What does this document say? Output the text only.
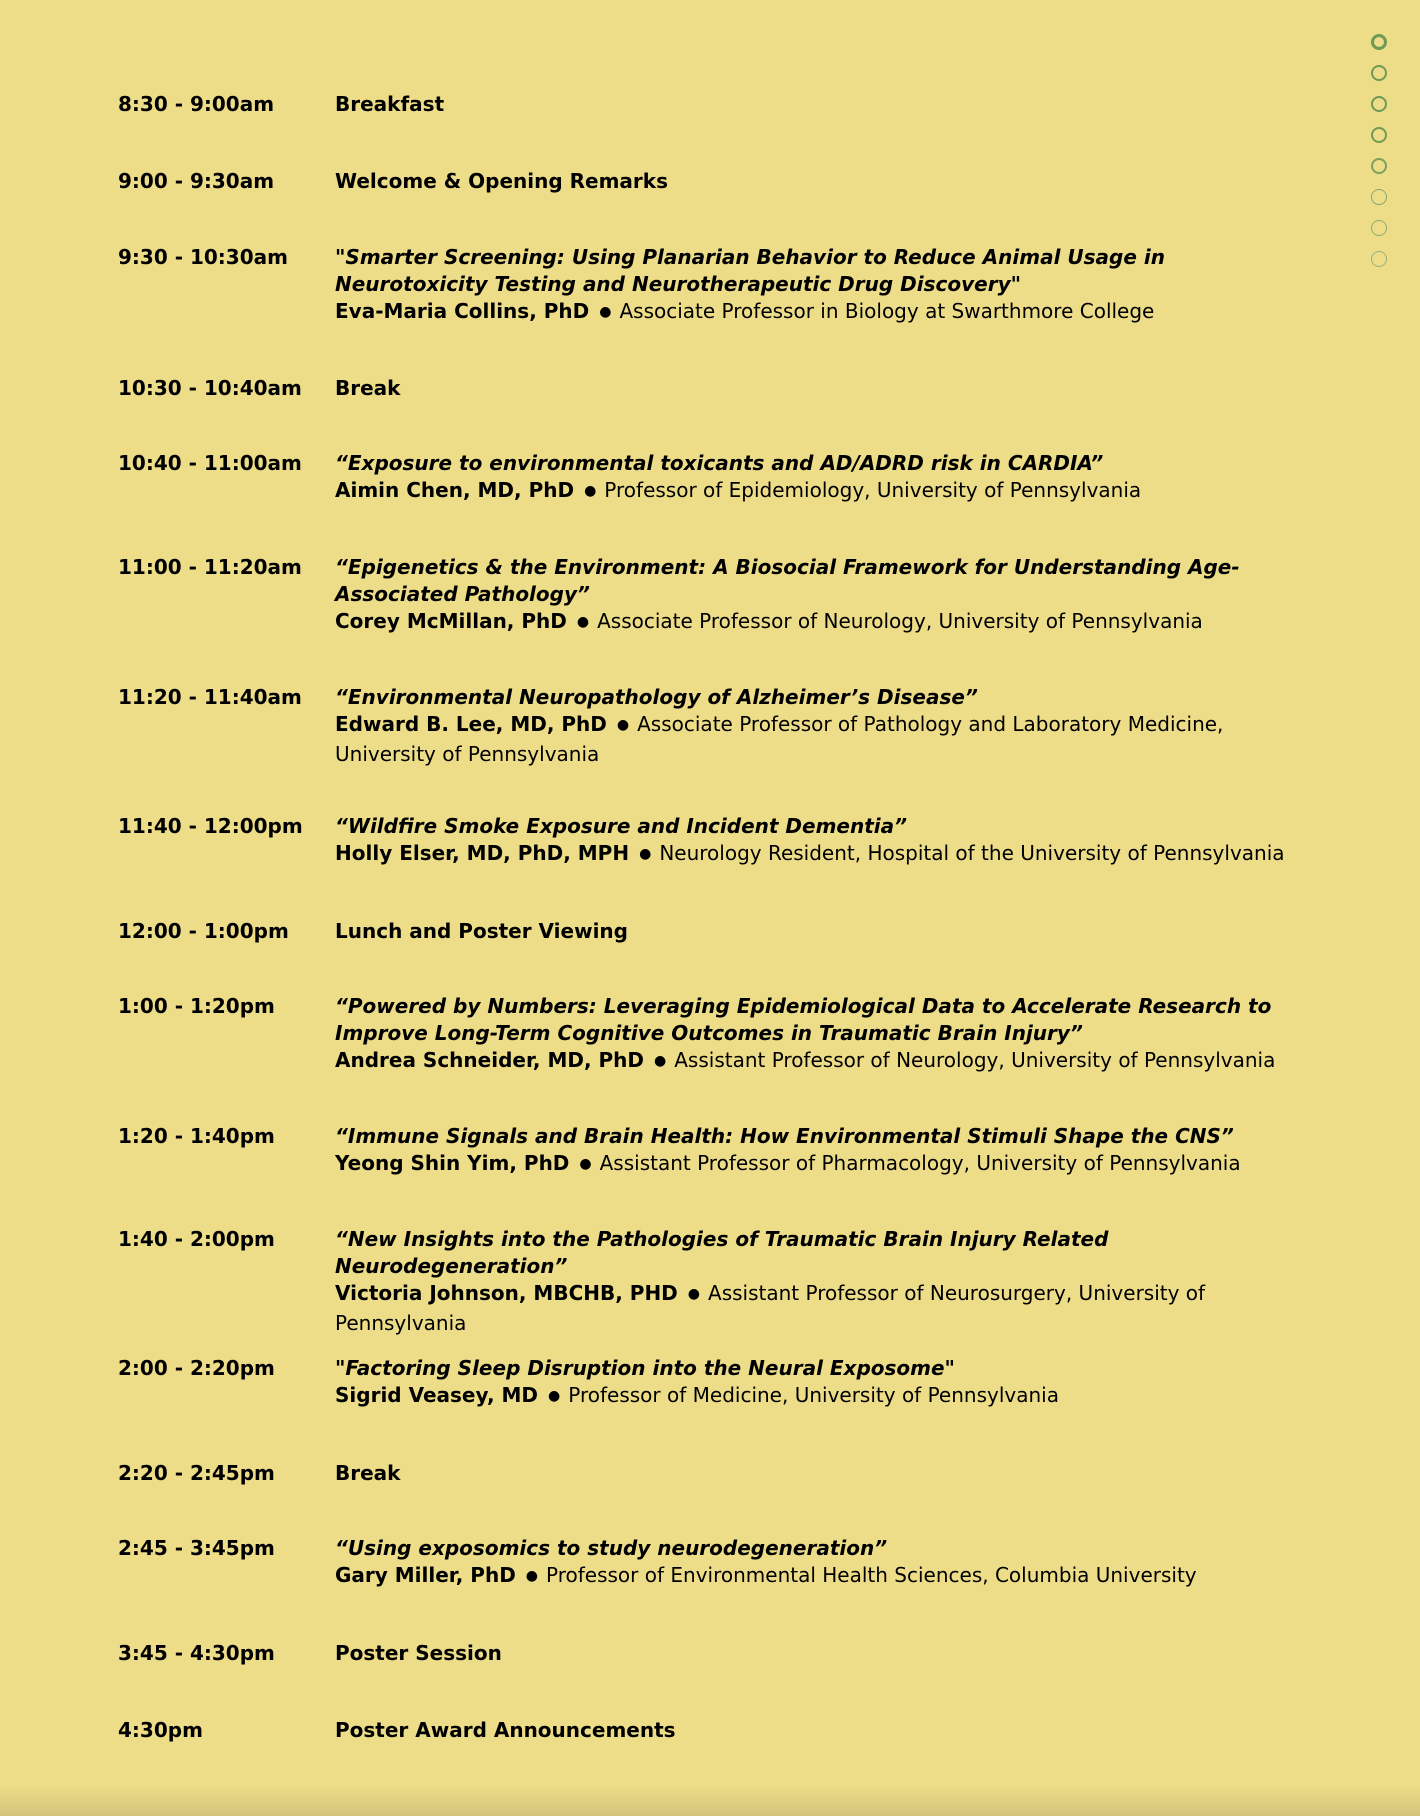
8:30 - 9:00am	Breakfast
9:00 - 9:30am	Welcome & Opening Remarks
9:30 - 10:30am	"Smarter Screening: Using Planarian Behavior to Reduce Animal Usage in Neurotoxicity Testing and Neurotherapeutic Drug Discovery"
Eva-Maria Collins, PhD ● Associate Professor in Biology at Swarthmore College
10:30 - 10:40am	Break
10:40 - 11:00am	“Exposure to environmental toxicants and AD/ADRD risk in CARDIA”
Aimin Chen, MD, PhD ● Professor of Epidemiology, University of Pennsylvania
11:00 - 11:20am	“Epigenetics & the Environment: A Biosocial Framework for Understanding Age-Associated Pathology”
Corey McMillan, PhD ● Associate Professor of Neurology, University of Pennsylvania
11:20 - 11:40am	“Environmental Neuropathology of Alzheimer’s Disease”
Edward B. Lee, MD, PhD ● Associate Professor of Pathology and Laboratory Medicine, University of Pennsylvania
11:40 - 12:00pm	“Wildfire Smoke Exposure and Incident Dementia”
Holly Elser, MD, PhD, MPH ● Neurology Resident, Hospital of the University of Pennsylvania
12:00 - 1:00pm	Lunch and Poster Viewing
1:00 - 1:20pm	“Powered by Numbers: Leveraging Epidemiological Data to Accelerate Research to Improve Long-Term Cognitive Outcomes in Traumatic Brain Injury”
Andrea Schneider, MD, PhD ● Assistant Professor of Neurology, University of Pennsylvania
1:20 - 1:40pm	“Immune Signals and Brain Health: How Environmental Stimuli Shape the CNS”
Yeong Shin Yim, PhD ● Assistant Professor of Pharmacology, University of Pennsylvania
1:40 - 2:00pm	“New Insights into the Pathologies of Traumatic Brain Injury Related Neurodegeneration”
Victoria Johnson, MBCHB, PHD ● Assistant Professor of Neurosurgery, University of Pennsylvania
2:00 - 2:20pm	"Factoring Sleep Disruption into the Neural Exposome"
Sigrid Veasey, MD ● Professor of Medicine, University of Pennsylvania
2:20 - 2:45pm	Break
2:45 - 3:45pm	“Using exposomics to study neurodegeneration”
Gary Miller, PhD ● Professor of Environmental Health Sciences, Columbia University
3:45 - 4:30pm	Poster Session
4:30pm	Poster Award Announcements
